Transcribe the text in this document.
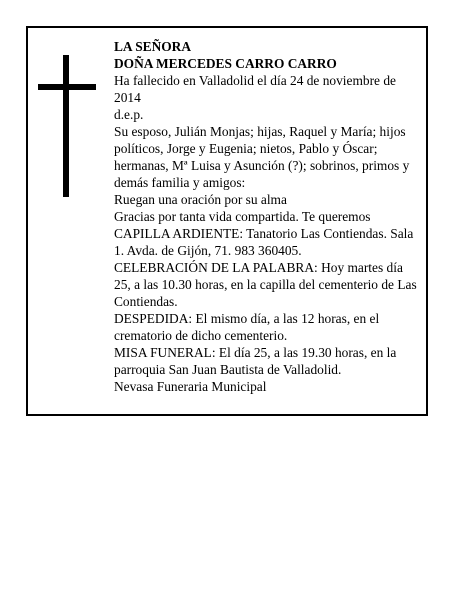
LA SEÑORA

DOÑA MERCEDES CARRO CARRO

Ha fallecido en Valladolid el día 24 de noviembre de 2014

d.e.p.

Su esposo, Julián Monjas; hijas, Raquel y María; hijos políticos, Jorge y Eugenia; nietos, Pablo y Óscar; hermanas, Mª Luisa y Asunción (?); sobrinos, primos y demás familia y amigos:

Ruegan una oración por su alma

Gracias por tanta vida compartida. Te queremos

CAPILLA ARDIENTE: Tanatorio Las Contiendas. Sala 1. Avda. de Gijón, 71. 983 360405.

CELEBRACIÓN DE LA PALABRA: Hoy martes día 25, a las 10.30 horas, en la capilla del cementerio de Las Contiendas.

DESPEDIDA: El mismo día, a las 12 horas, en el crematorio de dicho cementerio.

MISA FUNERAL: El día 25, a las 19.30 horas, en la parroquia San Juan Bautista de Valladolid.

Nevasa Funeraria Municipal
